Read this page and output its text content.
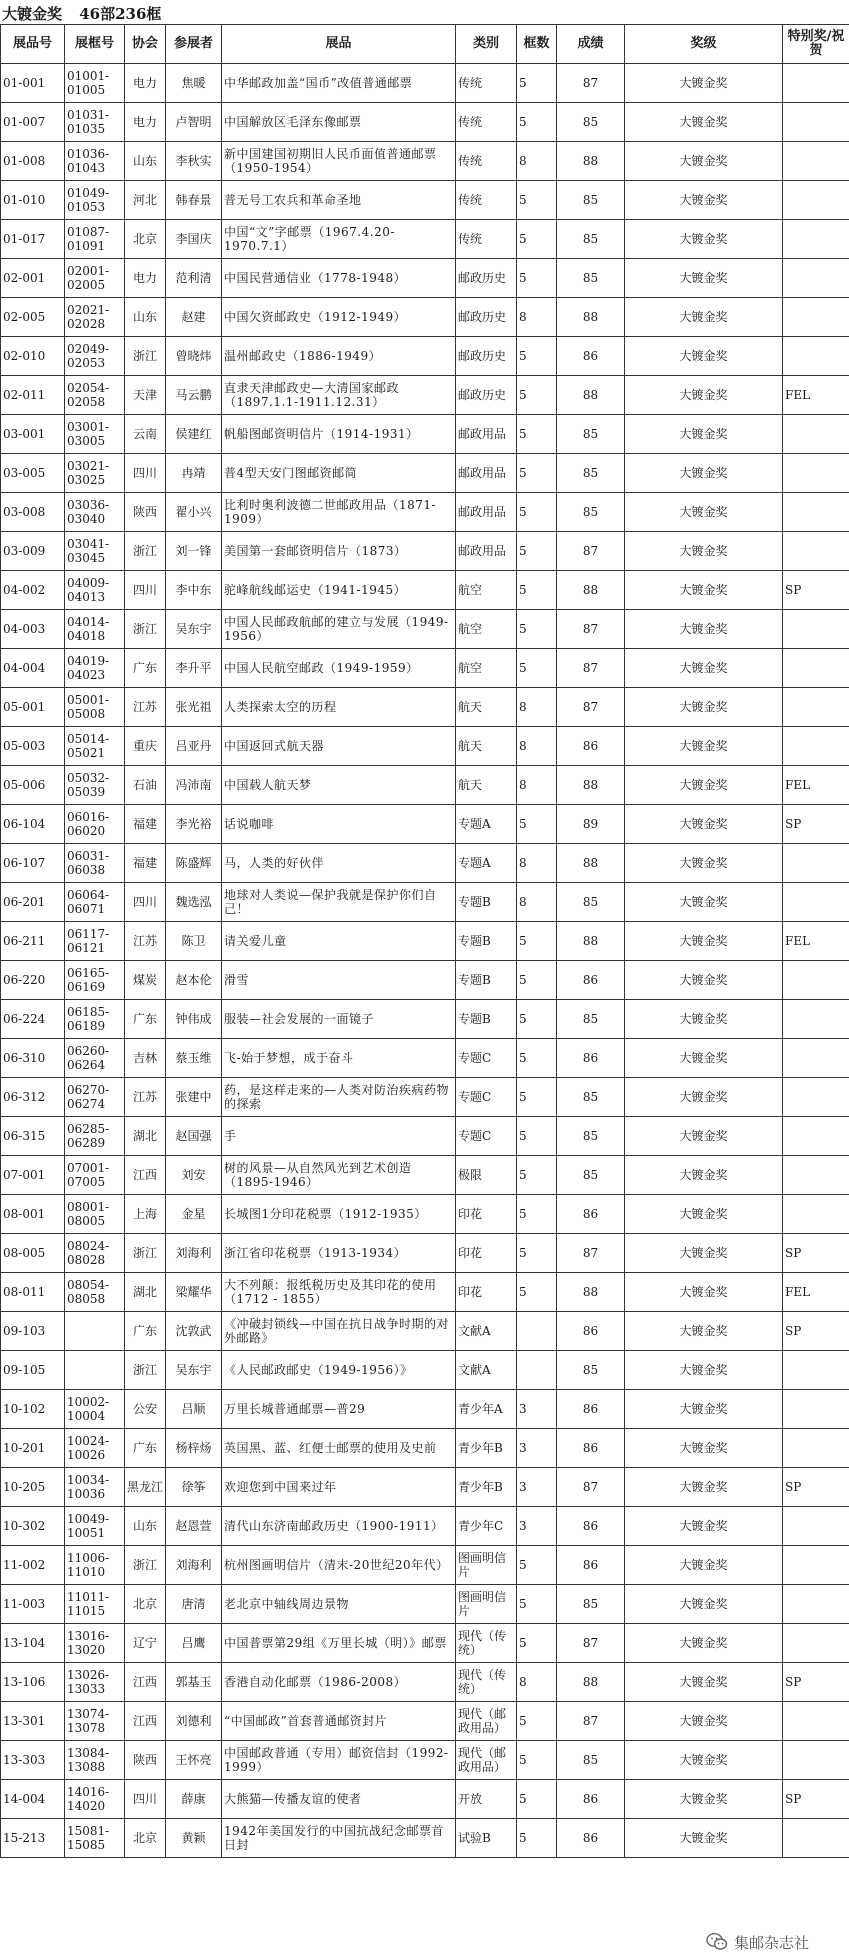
大镀金奖 46部236框
展品号	展框号	协会	参展者	展品	类别	框数	成绩	奖级	特别奖/祝贺
01-001	01001-01005	电力	焦暖	中华邮政加盖“国币”改值普通邮票	传统	5	87	大镀金奖	
01-007	01031-01035	电力	卢智明	中国解放区毛泽东像邮票	传统	5	85	大镀金奖	
01-008	01036-01043	山东	李秋实	新中国建国初期旧人民币面值普通邮票（1950-1954）	传统	8	88	大镀金奖	
01-010	01049-01053	河北	韩春景	普无号工农兵和革命圣地	传统	5	85	大镀金奖	
01-017	01087-01091	北京	李国庆	中国“文”字邮票（1967.4.20-1970.7.1）	传统	5	85	大镀金奖	
02-001	02001-02005	电力	范利清	中国民营通信业（1778-1948）	邮政历史	5	85	大镀金奖	
02-005	02021-02028	山东	赵建	中国欠资邮政史（1912-1949）	邮政历史	8	88	大镀金奖	
02-010	02049-02053	浙江	曾晓炜	温州邮政史（1886-1949）	邮政历史	5	86	大镀金奖	
02-011	02054-02058	天津	马云鹏	直隶天津邮政史—大清国家邮政（1897.1.1-1911.12.31）	邮政历史	5	88	大镀金奖	FEL
03-001	03001-03005	云南	侯建红	帆船图邮资明信片（1914-1931）	邮政用品	5	85	大镀金奖	
03-005	03021-03025	四川	冉靖	普4型天安门图邮资邮简	邮政用品	5	85	大镀金奖	
03-008	03036-03040	陕西	翟小兴	比利时奥利波德二世邮政用品（1871-1909）	邮政用品	5	85	大镀金奖	
03-009	03041-03045	浙江	刘一锋	美国第一套邮资明信片（1873）	邮政用品	5	87	大镀金奖	
04-002	04009-04013	四川	李中东	驼峰航线邮运史（1941-1945）	航空	5	88	大镀金奖	SP
04-003	04014-04018	浙江	吴东宇	中国人民邮政航邮的建立与发展（1949-1956）	航空	5	87	大镀金奖	
04-004	04019-04023	广东	李升平	中国人民航空邮政（1949-1959）	航空	5	87	大镀金奖	
05-001	05001-05008	江苏	张光祖	人类探索太空的历程	航天	8	87	大镀金奖	
05-003	05014-05021	重庆	吕亚丹	中国返回式航天器	航天	8	86	大镀金奖	
05-006	05032-05039	石油	冯沛南	中国载人航天梦	航天	8	88	大镀金奖	FEL
06-104	06016-06020	福建	李光裕	话说咖啡	专题A	5	89	大镀金奖	SP
06-107	06031-06038	福建	陈盛辉	马，人类的好伙伴	专题A	8	88	大镀金奖	
06-201	06064-06071	四川	魏选泓	地球对人类说—保护我就是保护你们自己！	专题B	8	85	大镀金奖	
06-211	06117-06121	江苏	陈卫	请关爱儿童	专题B	5	88	大镀金奖	FEL
06-220	06165-06169	煤炭	赵本伦	滑雪	专题B	5	86	大镀金奖	
06-224	06185-06189	广东	钟伟成	服装—社会发展的一面镜子	专题B	5	85	大镀金奖	
06-310	06260-06264	吉林	蔡玉维	飞-始于梦想，成于奋斗	专题C	5	86	大镀金奖	
06-312	06270-06274	江苏	张建中	药，是这样走来的—人类对防治疾病药物的探索	专题C	5	85	大镀金奖	
06-315	06285-06289	湖北	赵国强	手	专题C	5	85	大镀金奖	
07-001	07001-07005	江西	刘安	树的风景—从自然风光到艺术创造（1895-1946）	极限	5	85	大镀金奖	
08-001	08001-08005	上海	金星	长城图1分印花税票（1912-1935）	印花	5	86	大镀金奖	
08-005	08024-08028	浙江	刘海利	浙江省印花税票（1913-1934）	印花	5	87	大镀金奖	SP
08-011	08054-08058	湖北	梁耀华	大不列颠：报纸税历史及其印花的使用（1712 - 1855）	印花	5	88	大镀金奖	FEL
09-103		广东	沈敦武	《冲破封锁线—中国在抗日战争时期的对外邮路》	文献A		86	大镀金奖	SP
09-105		浙江	吴东宇	《人民邮政邮史（1949-1956）》	文献A		85	大镀金奖	
10-102	10002-10004	公安	吕顺	万里长城普通邮票—普29	青少年A	3	86	大镀金奖	
10-201	10024-10026	广东	杨梓炀	英国黑、蓝、红便士邮票的使用及史前	青少年B	3	86	大镀金奖	
10-205	10034-10036	黑龙江	徐筝	欢迎您到中国来过年	青少年B	3	87	大镀金奖	SP
10-302	10049-10051	山东	赵恩萱	清代山东济南邮政历史（1900-1911）	青少年C	3	86	大镀金奖	
11-002	11006-11010	浙江	刘海利	杭州图画明信片（清末-20世纪20年代）	图画明信片	5	86	大镀金奖	
11-003	11011-11015	北京	唐清	老北京中轴线周边景物	图画明信片	5	85	大镀金奖	
13-104	13016-13020	辽宁	吕鹰	中国普票第29组《万里长城（明）》邮票	现代（传统）	5	87	大镀金奖	
13-106	13026-13033	江西	郭基玉	香港自动化邮票（1986-2008）	现代（传统）	8	88	大镀金奖	SP
13-301	13074-13078	江西	刘德利	“中国邮政”首套普通邮资封片	现代（邮政用品）	5	87	大镀金奖	
13-303	13084-13088	陕西	王怀亮	中国邮政普通（专用）邮资信封（1992-1999）	现代（邮政用品）	5	85	大镀金奖	
14-004	14016-14020	四川	薛康	大熊猫—传播友谊的使者	开放	5	86	大镀金奖	SP
15-213	15081-15085	北京	黄颖	1942年美国发行的中国抗战纪念邮票首日封	试验B	5	86	大镀金奖	
集邮杂志社
